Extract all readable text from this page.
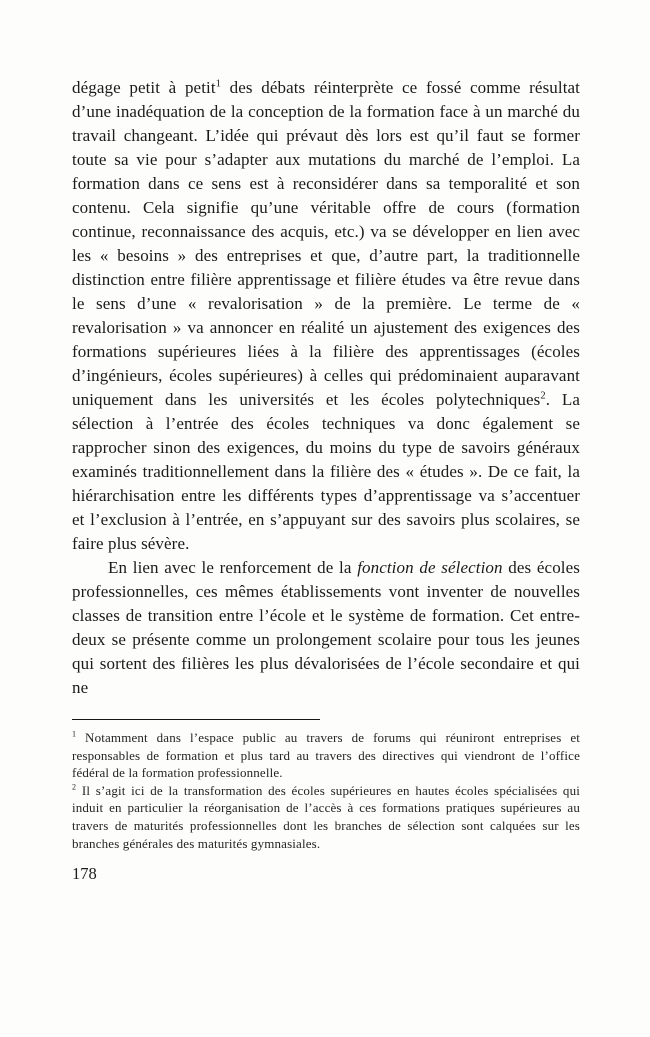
dégage petit à petit$^1$ des débats réinterprète ce fossé comme résultat d’une inadéquation de la conception de la formation face à un marché du travail changeant. L’idée qui prévaut dès lors est qu’il faut se former toute sa vie pour s’adapter aux mutations du marché de l’emploi. La formation dans ce sens est à reconsidérer dans sa temporalité et son contenu. Cela signifie qu’une véritable offre de cours (formation continue, reconnaissance des acquis, etc.) va se développer en lien avec les « besoins » des entreprises et que, d’autre part, la traditionnelle distinction entre filière apprentissage et filière études va être revue dans le sens d’une « revalorisation » de la première. Le terme de « revalorisation » va annoncer en réalité un ajustement des exigences des formations supérieures liées à la filière des apprentissages (écoles d’ingénieurs, écoles supérieures) à celles qui prédominaient auparavant uniquement dans les universités et les écoles polytechniques$^2$. La sélection à l’entrée des écoles techniques va donc également se rapprocher sinon des exigences, du moins du type de savoirs généraux examinés traditionnellement dans la filière des « études ». De ce fait, la hiérarchisation entre les différents types d’apprentissage va s’accentuer et l’exclusion à l’entrée, en s’appuyant sur des savoirs plus scolaires, se faire plus sévère.

En lien avec le renforcement de la fonction de sélection des écoles professionnelles, ces mêmes établissements vont inventer de nouvelles classes de transition entre l’école et le système de formation. Cet entre-deux se présente comme un prolongement scolaire pour tous les jeunes qui sortent des filières les plus dévalorisées de l’école secondaire et qui ne

$^1$ Notamment dans l’espace public au travers de forums qui réuniront entreprises et responsables de formation et plus tard au travers des directives qui viendront de l’office fédéral de la formation professionnelle.

$^2$ Il s’agit ici de la transformation des écoles supérieures en hautes écoles spécialisées qui induit en particulier la réorganisation de l’accès à ces formations pratiques supérieures au travers de maturités professionnelles dont les branches de sélection sont calquées sur les branches générales des maturités gymnasiales.

178
